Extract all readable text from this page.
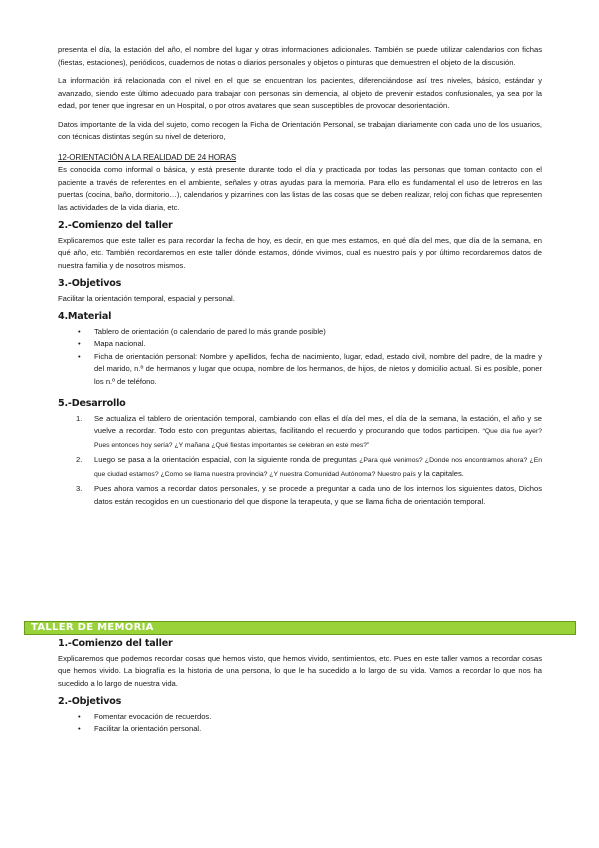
presenta el día, la estación del año, el nombre del lugar y otras informaciones adicionales. También se puede utilizar calendarios con fichas (fiestas, estaciones), periódicos, cuadernos de notas o diarios personales y objetos o pinturas que demuestren el objeto de la discusión.

La información irá relacionada con el nivel en el que se encuentran los pacientes, diferenciándose así tres niveles, básico, estándar y avanzado, siendo este último adecuado para trabajar con personas sin demencia, al objeto de prevenir estados confusionales, ya sea por la edad, por tener que ingresar en un Hospital, o por otros avatares que sean susceptibles de provocar desorientación.

Datos importante de la vida del sujeto, como recogen la Ficha de Orientación Personal, se trabajan diariamente con cada uno de los usuarios, con técnicas distintas según su nivel de deterioro,

12-ORIENTACIÓN A LA REALIDAD DE 24 HORAS

Es conocida como informal o básica, y está presente durante todo el día y practicada por todas las personas que toman contacto con el paciente a través de referentes en el ambiente, señales y otras ayudas para la memoria. Para ello es fundamental el uso de letreros en las puertas (cocina, baño, dormitorio…), calendarios y pizarrines con las listas de las cosas que se deben realizar, reloj con fichas que representen las actividades de la vida diaria, etc.

2.-Comienzo del taller

Explicaremos que este taller es para recordar la fecha de hoy, es decir, en que mes estamos, en qué día del mes, que día de la semana, en qué año, etc. También recordaremos en este taller dónde estamos, dónde vivimos, cual es nuestro país y por último recordaremos datos de nuestra familia y de nosotros mismos.

3.-Objetivos

Facilitar la orientación temporal, espacial y personal.

4.Material
• Tablero de orientación (o calendario de pared lo más grande posible)
• Mapa nacional.
• Ficha de orientación personal: Nombre y apellidos, fecha de nacimiento, lugar, edad, estado civil, nombre del padre, de la madre y del marido, n.º de hermanos y lugar que ocupa, nombre de los hermanos, de hijos, de nietos y domicilio actual. Si es posible, poner los n.º de teléfono.
5.-Desarrollo
1. Se actualiza el tablero de orientación temporal, cambiando con ellas el día del mes, el día de la semana, la estación, el año y se vuelve a recordar. Todo esto con preguntas abiertas, facilitando el recuerdo y procurando que todos participen. “Que día fue ayer? Pues entonces hoy sería? ¿Y mañana ¿Qué fiestas importantes se celebran en este mes?”
2. Luego se pasa a la orientación espacial, con la siguiente ronda de preguntas ¿Para qué venimos? ¿Donde nos encontramos ahora? ¿En que ciudad estamos? ¿Como se llama nuestra provincia? ¿Y nuestra Comunidad Autónoma? Nuestro país y la capitales.
3. Pues ahora vamos a recordar datos personales, y se procede a preguntar a cada uno de los internos los siguientes datos, Dichos datos están recogidos en un cuestionario del que dispone la terapeuta, y que se llama ficha de orientación temporal.
TALLER DE MEMORIA
1.-Comienzo del taller

Explicaremos que podemos recordar cosas que hemos visto, que hemos vivido, sentimientos, etc. Pues en este taller vamos a recordar cosas que hemos vivido. La biografía es la historia de una persona, lo que le ha sucedido a lo largo de su vida. Vamos a recordar lo que nos ha sucedido a lo largo de nuestra vida.

2.-Objetivos
• Fomentar evocación de recuerdos.
• Facilitar la orientación personal.
